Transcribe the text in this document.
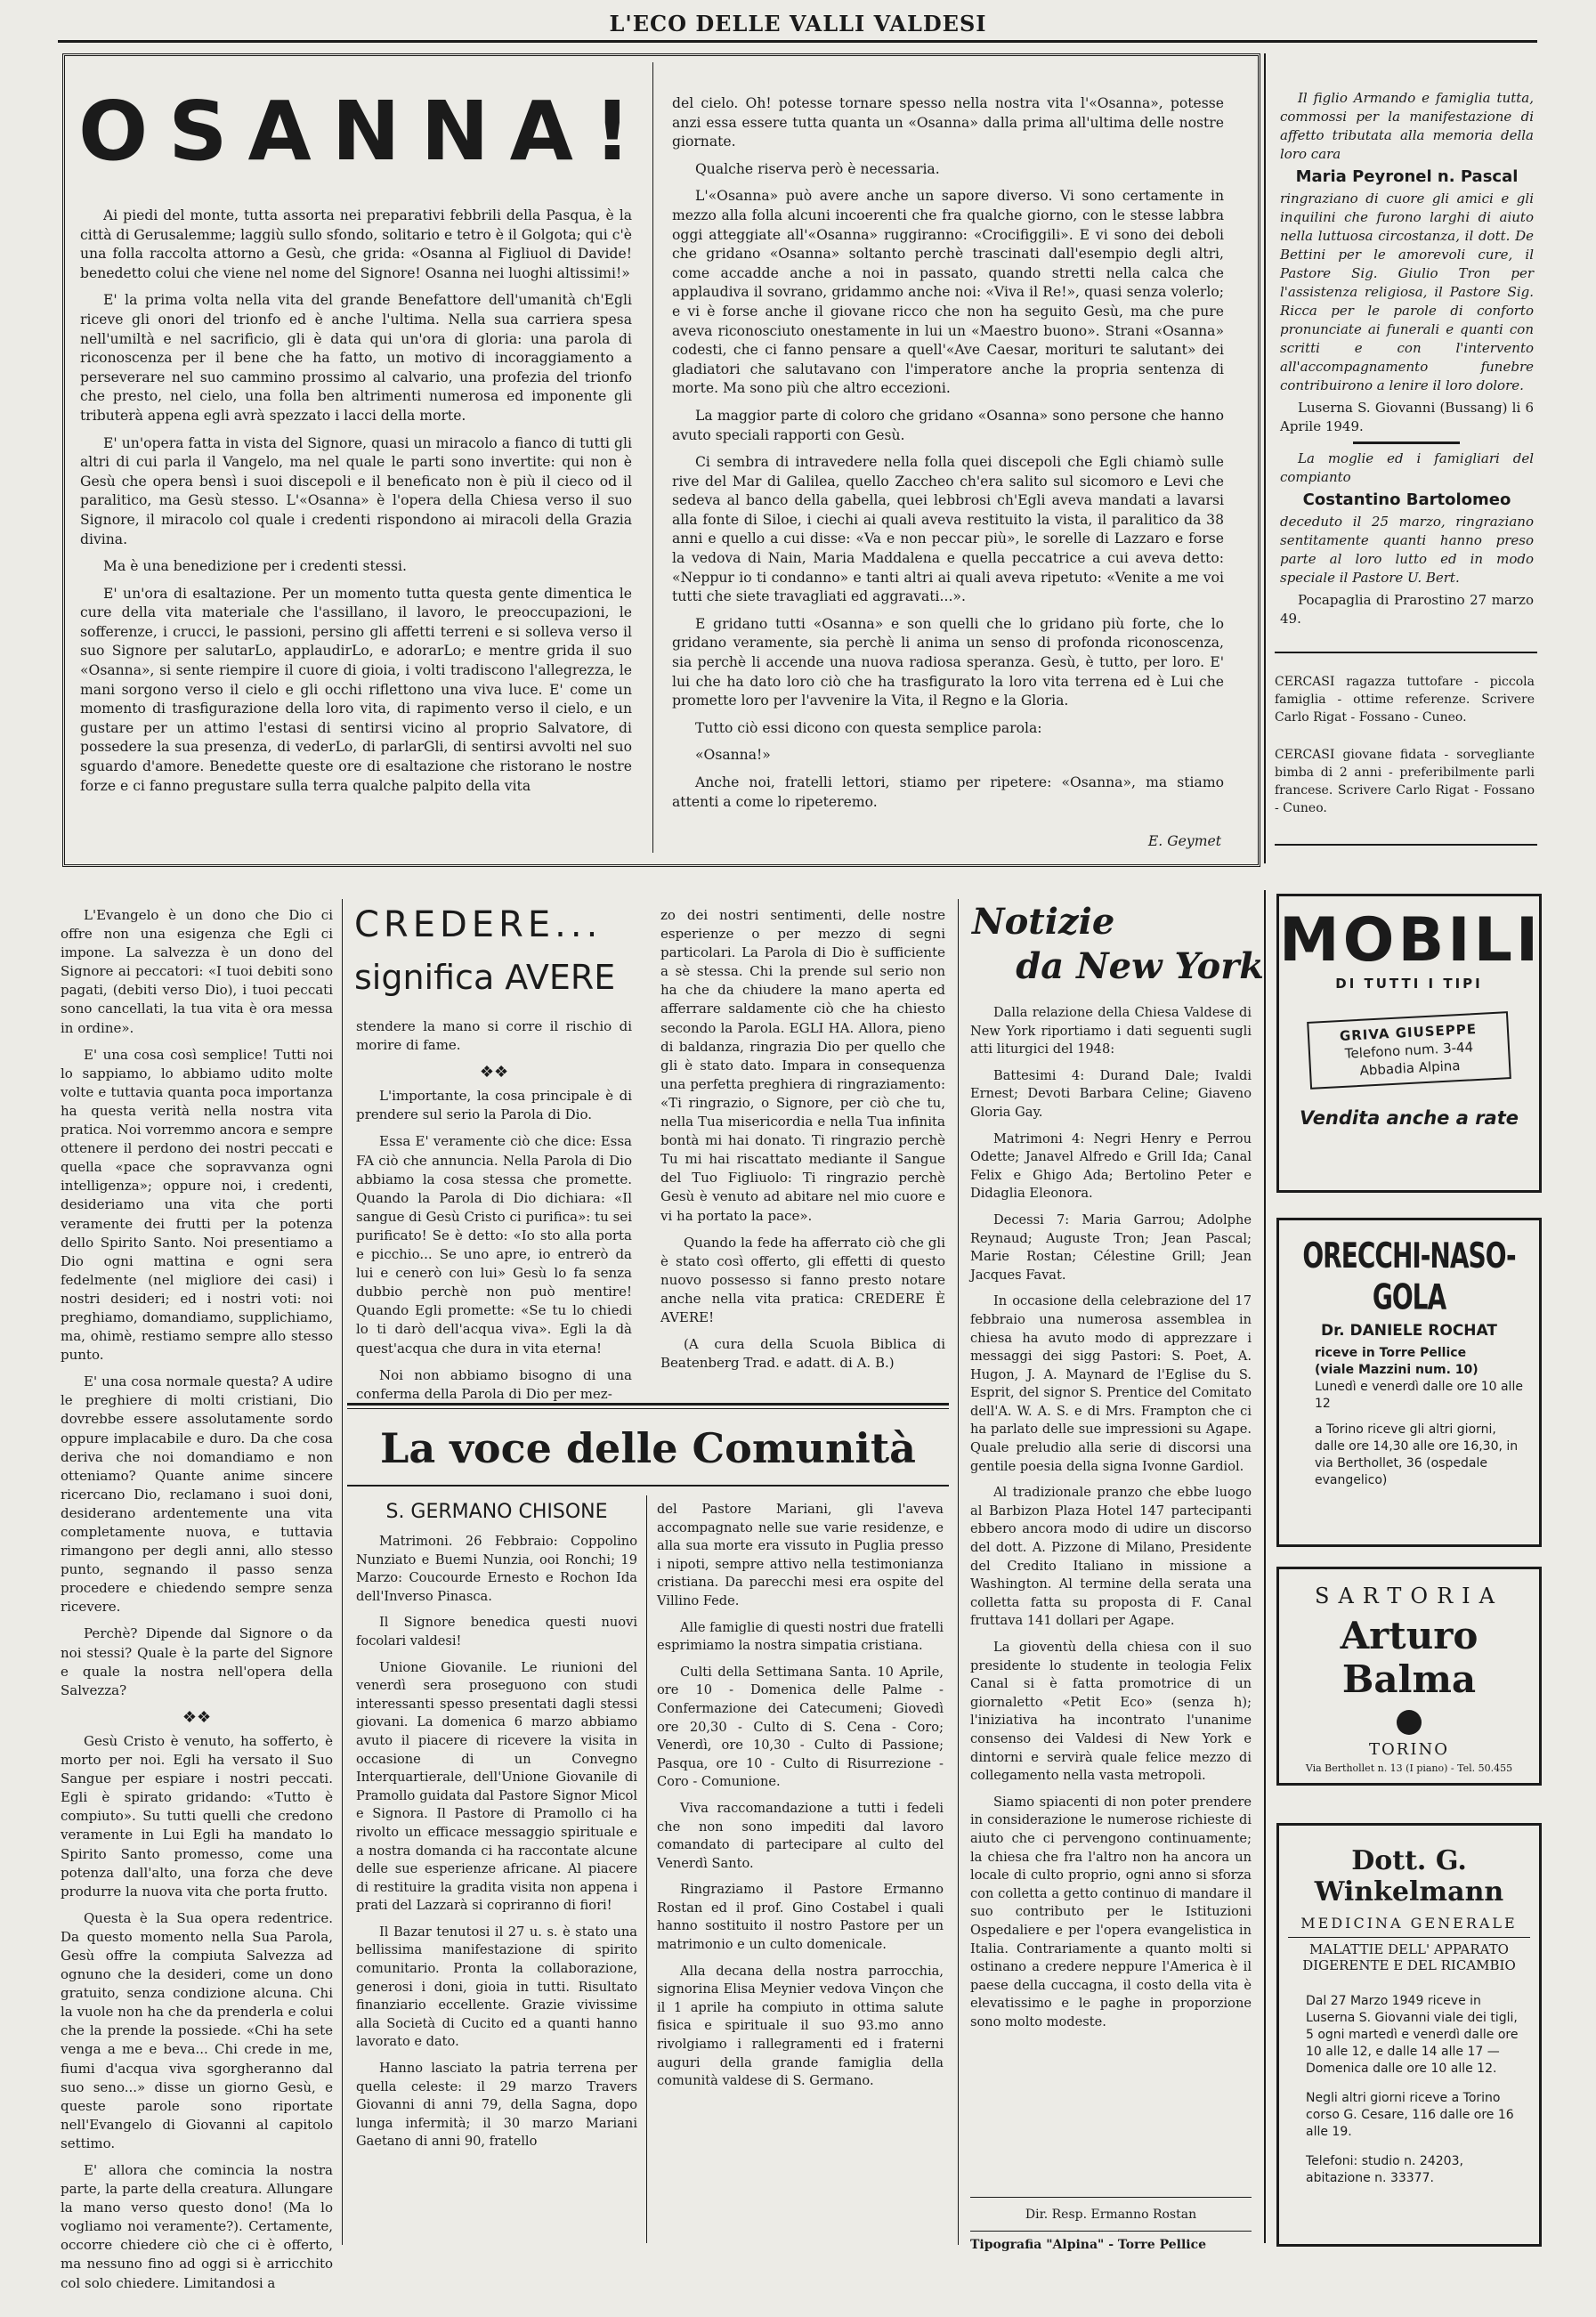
L'ECO DELLE VALLI VALDESI
OSANNA!

Ai piedi del monte, tutta assorta nei preparativi febbrili della Pasqua, è la città di Gerusalemme; laggiù sullo sfondo, solitario e tetro è il Golgota; qui c'è una folla raccolta attorno a Gesù, che grida: «Osanna al Figliuol di Davide! benedetto colui che viene nel nome del Signore! Osanna nei luoghi altissimi!»

E' la prima volta nella vita del grande Benefattore dell'umanità ch'Egli riceve gli onori del trionfo ed è anche l'ultima. Nella sua carriera spesa nell'umiltà e nel sacrificio, gli è data qui un'ora di gloria: una parola di riconoscenza per il bene che ha fatto, un motivo di incoraggiamento a perseverare nel suo cammino prossimo al calvario, una profezia del trionfo che presto, nel cielo, una folla ben altrimenti numerosa ed imponente gli tributerà appena egli avrà spezzato i lacci della morte.

E' un'opera fatta in vista del Signore, quasi un miracolo a fianco di tutti gli altri di cui parla il Vangelo, ma nel quale le parti sono invertite: qui non è Gesù che opera bensì i suoi discepoli e il beneficato non è più il cieco od il paralitico, ma Gesù stesso. L'«Osanna» è l'opera della Chiesa verso il suo Signore, il miracolo col quale i credenti rispondono ai miracoli della Grazia divina.

Ma è una benedizione per i credenti stessi.

E' un'ora di esaltazione. Per un momento tutta questa gente dimentica le cure della vita materiale che l'assillano, il lavoro, le preoccupazioni, le sofferenze, i crucci, le passioni, persino gli affetti terreni e si solleva verso il suo Signore per salutarLo, applaudirLo, e adorarLo; e mentre grida il suo «Osanna», si sente riempire il cuore di gioia, i volti tradiscono l'allegrezza, le mani sorgono verso il cielo e gli occhi riflettono una viva luce. E' come un momento di trasfigurazione della loro vita, di rapimento verso il cielo, e un gustare per un attimo l'estasi di sentirsi vicino al proprio Salvatore, di possedere la sua presenza, di vederLo, di parlarGli, di sentirsi avvolti nel suo sguardo d'amore. Benedette queste ore di esaltazione che ristorano le nostre forze e ci fanno pregustare sulla terra qualche palpito della vita

del cielo. Oh! potesse tornare spesso nella nostra vita l'«Osanna», potesse anzi essa essere tutta quanta un «Osanna» dalla prima all'ultima delle nostre giornate.

Qualche riserva però è necessaria.

L'«Osanna» può avere anche un sapore diverso. Vi sono certamente in mezzo alla folla alcuni incoerenti che fra qualche giorno, con le stesse labbra oggi atteggiate all'«Osanna» ruggiranno: «Crocifiggili». E vi sono dei deboli che gridano «Osanna» soltanto perchè trascinati dall'esempio degli altri, come accadde anche a noi in passato, quando stretti nella calca che applaudiva il sovrano, gridammo anche noi: «Viva il Re!», quasi senza volerlo; e vi è forse anche il giovane ricco che non ha seguito Gesù, ma che pure aveva riconosciuto onestamente in lui un «Maestro buono». Strani «Osanna» codesti, che ci fanno pensare a quell'«Ave Caesar, morituri te salutant» dei gladiatori che salutavano con l'imperatore anche la propria sentenza di morte. Ma sono più che altro eccezioni.

La maggior parte di coloro che gridano «Osanna» sono persone che hanno avuto speciali rapporti con Gesù.

Ci sembra di intravedere nella folla quei discepoli che Egli chiamò sulle rive del Mar di Galilea, quello Zaccheo ch'era salito sul sicomoro e Levi che sedeva al banco della gabella, quei lebbrosi ch'Egli aveva mandati a lavarsi alla fonte di Siloe, i ciechi ai quali aveva restituito la vista, il paralitico da 38 anni e quello a cui disse: «Va e non peccar più», le sorelle di Lazzaro e forse la vedova di Nain, Maria Maddalena e quella peccatrice a cui aveva detto: «Neppur io ti condanno» e tanti altri ai quali aveva ripetuto: «Venite a me voi tutti che siete travagliati ed aggravati...».

E gridano tutti «Osanna» e son quelli che lo gridano più forte, che lo gridano veramente, sia perchè li anima un senso di profonda riconoscenza, sia perchè li accende una nuova radiosa speranza. Gesù, è tutto, per loro. E' lui che ha dato loro ciò che ha trasfigurato la loro vita terrena ed è Lui che promette loro per l'avvenire la Vita, il Regno e la Gloria.

Tutto ciò essi dicono con questa semplice parola:

«Osanna!»

Anche noi, fratelli lettori, stiamo per ripetere: «Osanna», ma stiamo attenti a come lo ripeteremo.

E. Geymet
Il figlio Armando e famiglia tutta, commossi per la manifestazione di affetto tributata alla memoria della loro cara
Maria Peyronel n. Pascal
ringraziano di cuore gli amici e gli inquilini che furono larghi di aiuto nella luttuosa circostanza, il dott. De Bettini per le amorevoli cure, il Pastore Sig. Giulio Tron per l'assistenza religiosa, il Pastore Sig. Ricca per le parole di conforto pronunciate ai funerali e quanti con scritti e con l'intervento all'accompagnamento funebre contribuirono a lenire il loro dolore.
Luserna S. Giovanni (Bussang) li 6 Aprile 1949.
La moglie ed i famigliari del compianto
Costantino Bartolomeo
deceduto il 25 marzo, ringraziano sentitamente quanti hanno preso parte al loro lutto ed in modo speciale il Pastore U. Bert.
Pocapaglia di Prarostino 27 marzo 49.
CERCASI ragazza tuttofare - piccola famiglia - ottime referenze. Scrivere Carlo Rigat - Fossano - Cuneo.
CERCASI giovane fidata - sorvegliante bimba di 2 anni - preferibilmente parli francese. Scrivere Carlo Rigat - Fossano - Cuneo.

L'Evangelo è un dono che Dio ci offre non una esigenza che Egli ci impone. La salvezza è un dono del Signore ai peccatori: «I tuoi debiti sono pagati, (debiti verso Dio), i tuoi peccati sono cancellati, la tua vita è ora messa in ordine».

E' una cosa così semplice! Tutti noi lo sappiamo, lo abbiamo udito molte volte e tuttavia quanta poca importanza ha questa verità nella nostra vita pratica. Noi vorremmo ancora e sempre ottenere il perdono dei nostri peccati e quella «pace che sopravvanza ogni intelligenza»; oppure noi, i credenti, desideriamo una vita che porti veramente dei frutti per la potenza dello Spirito Santo. Noi presentiamo a Dio ogni mattina e ogni sera fedelmente (nel migliore dei casi) i nostri desideri; ed i nostri voti: noi preghiamo, domandiamo, supplichiamo, ma, ohimè, restiamo sempre allo stesso punto.

E' una cosa normale questa? A udire le preghiere di molti cristiani, Dio dovrebbe essere assolutamente sordo oppure implacabile e duro. Da che cosa deriva che noi domandiamo e non otteniamo? Quante anime sincere ricercano Dio, reclamano i suoi doni, desiderano ardentemente una vita completamente nuova, e tuttavia rimangono per degli anni, allo stesso punto, segnando il passo senza procedere e chiedendo sempre senza ricevere.

Perchè? Dipende dal Signore o da noi stessi? Quale è la parte del Signore e quale la nostra nell'opera della Salvezza?

❖❖

Gesù Cristo è venuto, ha sofferto, è morto per noi. Egli ha versato il Suo Sangue per espiare i nostri peccati. Egli è spirato gridando: «Tutto è compiuto». Su tutti quelli che credono veramente in Lui Egli ha mandato lo Spirito Santo promesso, come una potenza dall'alto, una forza che deve produrre la nuova vita che porta frutto.

Questa è la Sua opera redentrice. Da questo momento nella Sua Parola, Gesù offre la compiuta Salvezza ad ognuno che la desideri, come un dono gratuito, senza condizione alcuna. Chi la vuole non ha che da prenderla e colui che la prende la possiede. «Chi ha sete venga a me e beva... Chi crede in me, fiumi d'acqua viva sgorgheranno dal suo seno...» disse un giorno Gesù, e queste parole sono riportate nell'Evangelo di Giovanni al capitolo settimo.

E' allora che comincia la nostra parte, la parte della creatura. Allungare la mano verso questo dono! (Ma lo vogliamo noi veramente?). Certamente, occorre chiedere ciò che ci è offerto, ma nessuno fino ad oggi si è arricchito col solo chiedere. Limitandosi a

CREDERE...
significa AVERE

stendere la mano si corre il rischio di morire di fame.

❖❖

L'importante, la cosa principale è di prendere sul serio la Parola di Dio.

Essa E' veramente ciò che dice: Essa FA ciò che annuncia. Nella Parola di Dio abbiamo la cosa stessa che promette. Quando la Parola di Dio dichiara: «Il sangue di Gesù Cristo ci purifica»: tu sei purificato! Se è detto: «Io sto alla porta e picchio... Se uno apre, io entrerò da lui e cenerò con lui» Gesù lo fa senza dubbio perchè non può mentire! Quando Egli promette: «Se tu lo chiedi lo ti darò dell'acqua viva». Egli la dà quest'acqua che dura in vita eterna!

Noi non abbiamo bisogno di una conferma della Parola di Dio per mez-

zo dei nostri sentimenti, delle nostre esperienze o per mezzo di segni particolari. La Parola di Dio è sufficiente a sè stessa. Chi la prende sul serio non ha che da chiudere la mano aperta ed afferrare saldamente ciò che ha chiesto secondo la Parola. EGLI HA. Allora, pieno di baldanza, ringrazia Dio per quello che gli è stato dato. Impara in consequenza una perfetta preghiera di ringraziamento: «Ti ringrazio, o Signore, per ciò che tu, nella Tua misericordia e nella Tua infinita bontà mi hai donato. Ti ringrazio perchè Tu mi hai riscattato mediante il Sangue del Tuo Figliuolo: Ti ringrazio perchè Gesù è venuto ad abitare nel mio cuore e vi ha portato la pace».

Quando la fede ha afferrato ciò che gli è stato così offerto, gli effetti di questo nuovo possesso si fanno presto notare anche nella vita pratica: CREDERE È AVERE!

(A cura della Scuola Biblica di Beatenberg Trad. e adatt. di A. B.)

La voce delle Comunità
S. GERMANO CHISONE

Matrimoni. 26 Febbraio: Coppolino Nunziato e Buemi Nunzia, ooi Ronchi; 19 Marzo: Coucourde Ernesto e Rochon Ida dell'Inverso Pinasca.

Il Signore benedica questi nuovi focolari valdesi!

Unione Giovanile. Le riunioni del venerdì sera proseguono con studi interessanti spesso presentati dagli stessi giovani. La domenica 6 marzo abbiamo avuto il piacere di ricevere la visita in occasione di un Convegno Interquartierale, dell'Unione Giovanile di Pramollo guidata dal Pastore Signor Micol e Signora. Il Pastore di Pramollo ci ha rivolto un efficace messaggio spirituale e a nostra domanda ci ha raccontate alcune delle sue esperienze africane. Al piacere di restituire la gradita visita non appena i prati del Lazzarà si copriranno di fiori!

Il Bazar tenutosi il 27 u. s. è stato una bellissima manifestazione di spirito comunitario. Pronta la collaborazione, generosi i doni, gioia in tutti. Risultato finanziario eccellente. Grazie vivissime alla Società di Cucito ed a quanti hanno lavorato e dato.

Hanno lasciato la patria terrena per quella celeste: il 29 marzo Travers Giovanni di anni 79, della Sagna, dopo lunga infermità; il 30 marzo Mariani Gaetano di anni 90, fratello

del Pastore Mariani, gli l'aveva accompagnato nelle sue varie residenze, e alla sua morte era vissuto in Puglia presso i nipoti, sempre attivo nella testimonianza cristiana. Da parecchi mesi era ospite del Villino Fede.

Alle famiglie di questi nostri due fratelli esprimiamo la nostra simpatia cristiana.

Culti della Settimana Santa. 10 Aprile, ore 10 - Domenica delle Palme - Confermazione dei Catecumeni; Giovedì ore 20,30 - Culto di S. Cena - Coro; Venerdì, ore 10,30 - Culto di Passione; Pasqua, ore 10 - Culto di Risurrezione - Coro - Comunione.

Viva raccomandazione a tutti i fedeli che non sono impediti dal lavoro comandato di partecipare al culto del Venerdì Santo.

Ringraziamo il Pastore Ermanno Rostan ed il prof. Gino Costabel i quali hanno sostituito il nostro Pastore per un matrimonio e un culto domenicale.

Alla decana della nostra parrocchia, signorina Elisa Meynier vedova Vinçon che il 1 aprile ha compiuto in ottima salute fisica e spirituale il suo 93.mo anno rivolgiamo i rallegramenti ed i fraterni auguri della grande famiglia della comunità valdese di S. Germano.

Notizie
da New York

Dalla relazione della Chiesa Valdese di New York riportiamo i dati seguenti sugli atti liturgici del 1948:

Battesimi 4: Durand Dale; Ivaldi Ernest; Devoti Barbara Celine; Giaveno Gloria Gay.

Matrimoni 4: Negri Henry e Perrou Odette; Janavel Alfredo e Grill Ida; Canal Felix e Ghigo Ada; Bertolino Peter e Didaglia Eleonora.

Decessi 7: Maria Garrou; Adolphe Reynaud; Auguste Tron; Jean Pascal; Marie Rostan; Célestine Grill; Jean Jacques Favat.

In occasione della celebrazione del 17 febbraio una numerosa assemblea in chiesa ha avuto modo di apprezzare i messaggi dei sigg Pastori: S. Poet, A. Hugon, J. A. Maynard de l'Eglise du S. Esprit, del signor S. Prentice del Comitato dell'A. W. A. S. e di Mrs. Frampton che ci ha parlato delle sue impressioni su Agape. Quale preludio alla serie di discorsi una gentile poesia della signa Ivonne Gardiol.

Al tradizionale pranzo che ebbe luogo al Barbizon Plaza Hotel 147 partecipanti ebbero ancora modo di udire un discorso del dott. A. Pizzone di Milano, Presidente del Credito Italiano in missione a Washington. Al termine della serata una colletta fatta su proposta di F. Canal fruttava 141 dollari per Agape.

La gioventù della chiesa con il suo presidente lo studente in teologia Felix Canal si è fatta promotrice di un giornaletto «Petit Eco» (senza h); l'iniziativa ha incontrato l'unanime consenso dei Valdesi di New York e dintorni e servirà quale felice mezzo di collegamento nella vasta metropoli.

Siamo spiacenti di non poter prendere in considerazione le numerose richieste di aiuto che ci pervengono continuamente; la chiesa che fra l'altro non ha ancora un locale di culto proprio, ogni anno si sforza con colletta a getto continuo di mandare il suo contributo per le Istituzioni Ospedaliere e per l'opera evangelistica in Italia. Contrariamente a quanto molti si ostinano a credere neppure l'America è il paese della cuccagna, il costo della vita è elevatissimo e le paghe in proporzione sono molto modeste.

Dir. Resp. Ermanno Rostan
Tipografia "Alpina" - Torre Pellice
MOBILI
DI TUTTI I TIPI
GRIVA GIUSEPPE
Telefono num. 3-44
Abbadia Alpina
Vendita anche a rate
ORECCHI-NASO-GOLA
Dr. DANIELE ROCHAT
riceve in Torre Pellice
(viale Mazzini num. 10)
Lunedì e venerdì dalle ore 10 alle 12
a Torino riceve gli altri giorni, dalle ore 14,30 alle ore 16,30, in via Berthollet, 36 (ospedale evangelico)
SARTORIA
Arturo Balma
TORINO
Via Berthollet n. 13 (I piano) - Tel. 50.455
Dott. G. Winkelmann
MEDICINA GENERALE
MALATTIE DELL' APPARATO DIGERENTE E DEL RICAMBIO
Dal 27 Marzo 1949 riceve in Luserna S. Giovanni viale dei tigli, 5 ogni martedì e venerdì dalle ore 10 alle 12, e dalle 14 alle 17 — Domenica dalle ore 10 alle 12.
Negli altri giorni riceve a Torino corso G. Cesare, 116 dalle ore 16 alle 19.
Telefoni: studio n. 24203, abitazione n. 33377.
